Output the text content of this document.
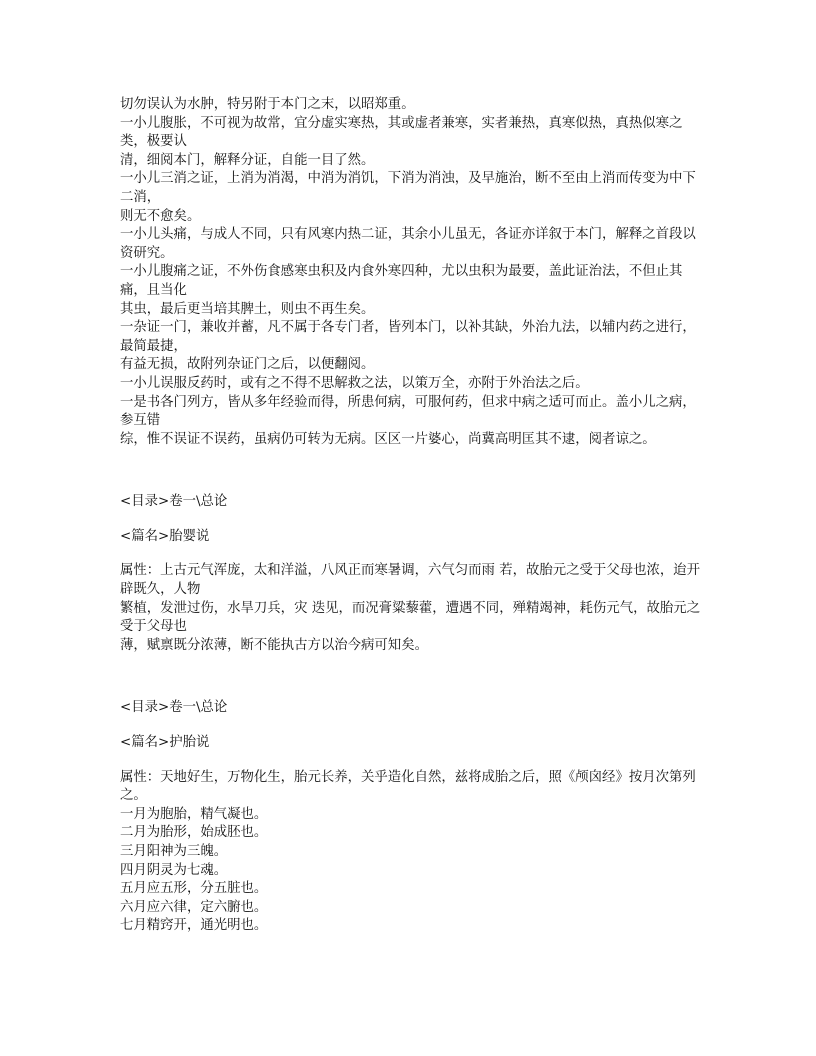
切勿误认为水肿，特另附于本门之末，以昭郑重。

一小儿腹胀，不可视为故常，宜分虚实寒热，其或虚者兼寒，实者兼热，真寒似热，真热似寒之类，极要认

清，细阅本门，解释分证，自能一目了然。

一小儿三消之证，上消为消渴，中消为消饥，下消为消浊，及早施治，断不至由上消而传变为中下二消，

则无不愈矣。

一小儿头痛，与成人不同，只有风寒内热二证，其余小儿虽无，各证亦详叙于本门，解释之首段以资研究。

一小儿腹痛之证，不外伤食感寒虫积及内食外寒四种，尤以虫积为最要，盖此证治法，不但止其痛，且当化

其虫，最后更当培其脾土，则虫不再生矣。

一杂证一门，兼收并蓄，凡不属于各专门者，皆列本门，以补其缺，外治九法，以辅内药之进行，最简最捷，

有益无损，故附列杂证门之后，以便翻阅。

一小儿误服反药时，或有之不得不思解救之法，以策万全，亦附于外治法之后。

一是书各门列方，皆从多年经验而得，所患何病，可服何药，但求中病之适可而止。盖小儿之病，参互错

综，惟不误证不误药，虽病仍可转为无病。区区一片婆心，尚冀高明匡其不逮，阅者谅之。

<目录>卷一\总论

<篇名>胎婴说

属性：上古元气浑庞，太和洋溢，八风正而寒暑调，六气匀而雨 若，故胎元之受于父母也浓，迨开辟既久，人物

繁植，发泄过伤，水旱刀兵，灾 迭见，而况膏粱藜藿，遭遇不同，殚精竭神，耗伤元气，故胎元之受于父母也

薄，赋禀既分浓薄，断不能执古方以治今病可知矣。

<目录>卷一\总论

<篇名>护胎说

属性：天地好生，万物化生，胎元长养，关乎造化自然，兹将成胎之后，照《颅囟经》按月次第列之。

一月为胞胎，精气凝也。

二月为胎形，始成胚也。

三月阳神为三魄。

四月阴灵为七魂。

五月应五形，分五脏也。

六月应六律，定六腑也。

七月精窍开，通光明也。
